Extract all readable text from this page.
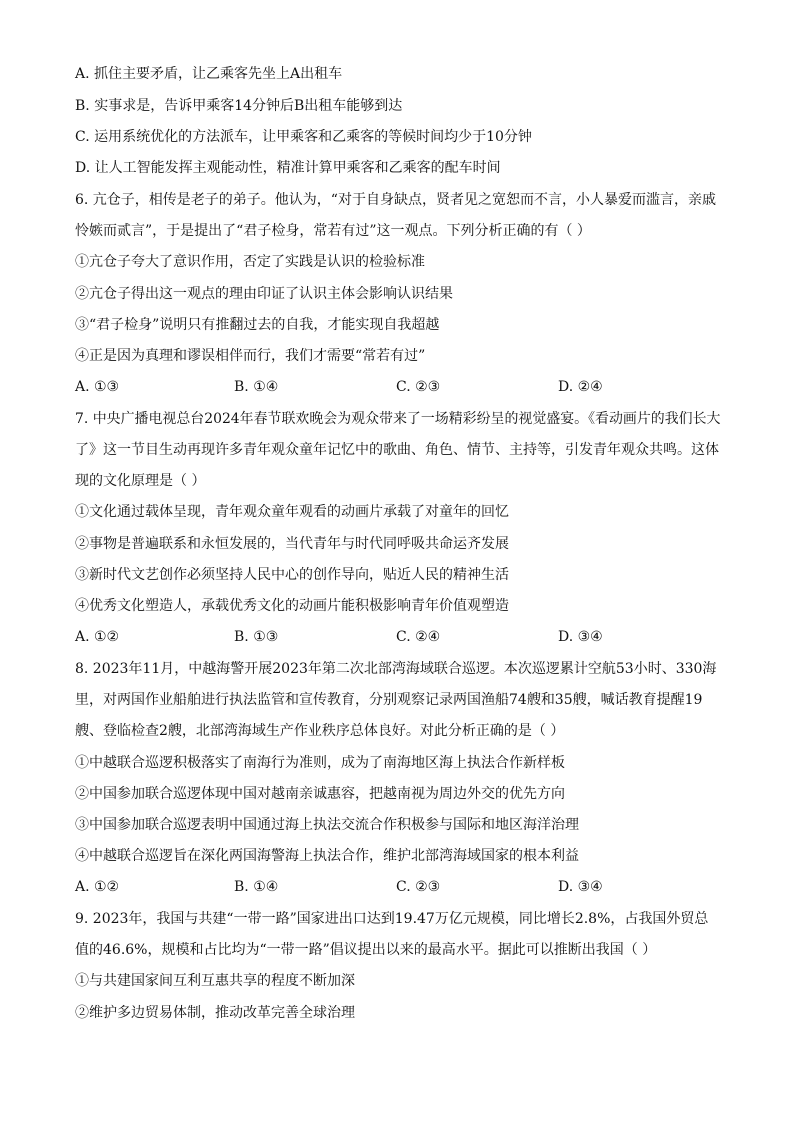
A. 抓住主要矛盾，让乙乘客先坐上A出租车
B. 实事求是，告诉甲乘客14分钟后B出租车能够到达
C. 运用系统优化的方法派车，让甲乘客和乙乘客的等候时间均少于10分钟
D. 让人工智能发挥主观能动性，精准计算甲乘客和乙乘客的配车时间
6. 亢仓子，相传是老子的弟子。他认为，“对于自身缺点，贤者见之宽恕而不言，小人暴爱而滥言，亲戚
怜嫉而贰言”，于是提出了“君子检身，常若有过”这一观点。下列分析正确的有（ ）
①亢仓子夸大了意识作用，否定了实践是认识的检验标准
②亢仓子得出这一观点的理由印证了认识主体会影响认识结果
③“君子检身”说明只有推翻过去的自我，才能实现自我超越
④正是因为真理和谬误相伴而行，我们才需要“常若有过”
A. ①③	B. ①④	C. ②③	D. ②④
7. 中央广播电视总台2024年春节联欢晚会为观众带来了一场精彩纷呈的视觉盛宴。《看动画片的我们长大
了》这一节目生动再现许多青年观众童年记忆中的歌曲、角色、情节、主持等，引发青年观众共鸣。这体
现的文化原理是（ ）
①文化通过载体呈现，青年观众童年观看的动画片承载了对童年的回忆
②事物是普遍联系和永恒发展的，当代青年与时代同呼吸共命运齐发展
③新时代文艺创作必须坚持人民中心的创作导向，贴近人民的精神生活
④优秀文化塑造人，承载优秀文化的动画片能积极影响青年价值观塑造
A. ①②	B. ①③	C. ②④	D. ③④
8. 2023年11月，中越海警开展2023年第二次北部湾海域联合巡逻。本次巡逻累计空航53小时、330海
里，对两国作业船舶进行执法监管和宣传教育，分别观察记录两国渔船74艘和35艘，喊话教育提醒19
艘、登临检查2艘，北部湾海域生产作业秩序总体良好。对此分析正确的是（ ）
①中越联合巡逻积极落实了南海行为准则，成为了南海地区海上执法合作新样板
②中国参加联合巡逻体现中国对越南亲诚惠容，把越南视为周边外交的优先方向
③中国参加联合巡逻表明中国通过海上执法交流合作积极参与国际和地区海洋治理
④中越联合巡逻旨在深化两国海警海上执法合作，维护北部湾海域国家的根本利益
A. ①②	B. ①④	C. ②③	D. ③④
9. 2023年，我国与共建“一带一路”国家进出口达到19.47万亿元规模，同比增长2.8%，占我国外贸总
值的46.6%，规模和占比均为“一带一路”倡议提出以来的最高水平。据此可以推断出我国（ ）
①与共建国家间互利互惠共享的程度不断加深
②维护多边贸易体制，推动改革完善全球治理
